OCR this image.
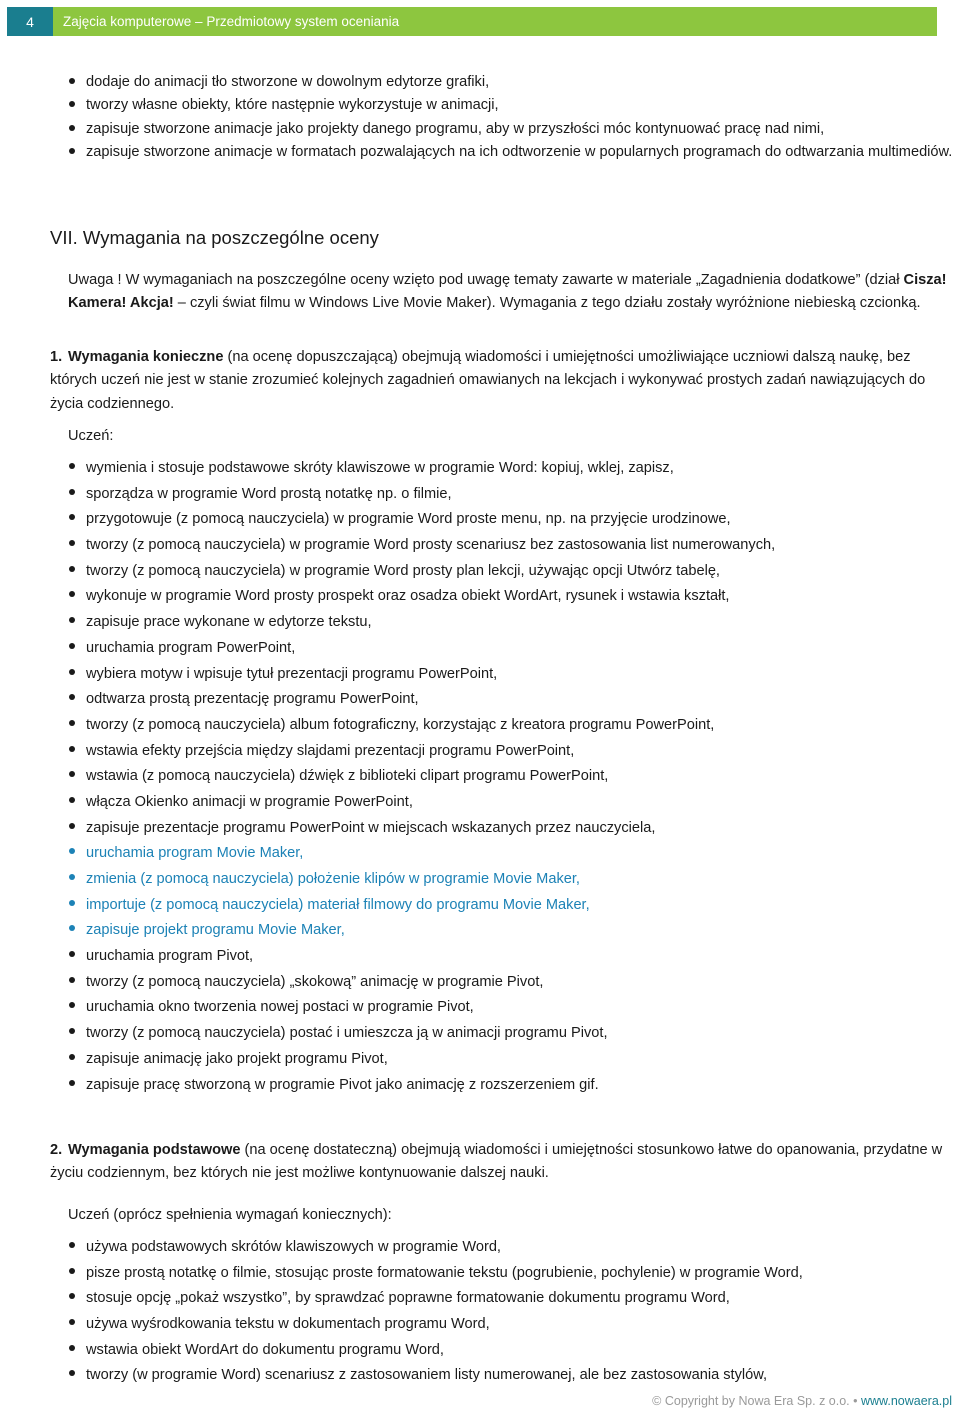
4	Zajęcia komputerowe – Przedmiotowy system oceniania
dodaje do animacji tło stworzone w dowolnym edytorze grafiki,
tworzy własne obiekty, które następnie wykorzystuje w animacji,
zapisuje stworzone animacje jako projekty danego programu, aby w przyszłości móc kontynuować pracę nad nimi,
zapisuje stworzone animacje w formatach pozwalających na ich odtworzenie w popularnych programach do odtwarzania multimediów.
VII. Wymagania na poszczególne oceny
Uwaga ! W wymaganiach na poszczególne oceny wzięto pod uwagę tematy zawarte w materiale „Zagadnienia dodatkowe” (dział Cisza! Kamera! Akcja! – czyli świat filmu w Windows Live Movie Maker). Wymagania z tego działu zostały wyróżnione niebieską czcionką.
1. Wymagania konieczne (na ocenę dopuszczającą) obejmują wiadomości i umiejętności umożliwiające uczniowi dalszą naukę, bez których uczeń nie jest w stanie zrozumieć kolejnych zagadnień omawianych na lekcjach i wykonywać prostych zadań nawiązujących do życia codziennego.
Uczeń:
wymienia i stosuje podstawowe skróty klawiszowe w programie Word: kopiuj, wklej, zapisz,
sporządza w programie Word prostą notatkę np. o filmie,
przygotowuje (z pomocą nauczyciela) w programie Word proste menu, np. na przyjęcie urodzinowe,
tworzy (z pomocą nauczyciela) w programie Word prosty scenariusz bez zastosowania list numerowanych,
tworzy (z pomocą nauczyciela) w programie Word prosty plan lekcji, używając opcji Utwórz tabelę,
wykonuje w programie Word prosty prospekt oraz osadza obiekt WordArt, rysunek i wstawia kształt,
zapisuje prace wykonane w edytorze tekstu,
uruchamia program PowerPoint,
wybiera motyw i wpisuje tytuł prezentacji programu PowerPoint,
odtwarza prostą prezentację programu PowerPoint,
tworzy (z pomocą nauczyciela) album fotograficzny, korzystając z kreatora programu PowerPoint,
wstawia efekty przejścia między slajdami prezentacji programu PowerPoint,
wstawia (z pomocą nauczyciela) dźwięk z biblioteki clipart programu PowerPoint,
włącza Okienko animacji w programie PowerPoint,
zapisuje prezentacje programu PowerPoint w miejscach wskazanych przez nauczyciela,
uruchamia program Movie Maker,
zmienia (z pomocą nauczyciela) położenie klipów w programie Movie Maker,
importuje (z pomocą nauczyciela) materiał filmowy do programu Movie Maker,
zapisuje projekt programu Movie Maker,
uruchamia program Pivot,
tworzy (z pomocą nauczyciela) „skokową” animację w programie Pivot,
uruchamia okno tworzenia nowej postaci w programie Pivot,
tworzy (z pomocą nauczyciela) postać i umieszcza ją w animacji programu Pivot,
zapisuje animację jako projekt programu Pivot,
zapisuje pracę stworzoną w programie Pivot jako animację z rozszerzeniem gif.
2. Wymagania podstawowe (na ocenę dostateczną) obejmują wiadomości i umiejętności stosunkowo łatwe do opanowania, przydatne w życiu codziennym, bez których nie jest możliwe kontynuowanie dalszej nauki.
Uczeń (oprócz spełnienia wymagań koniecznych):
używa podstawowych skrótów klawiszowych w programie Word,
pisze prostą notatkę o filmie, stosując proste formatowanie tekstu (pogrubienie, pochylenie) w programie Word,
stosuje opcję „pokaż wszystko”, by sprawdzać poprawne formatowanie dokumentu programu Word,
używa wyśrodkowania tekstu w dokumentach programu Word,
wstawia obiekt WordArt do dokumentu programu Word,
tworzy (w programie Word) scenariusz z zastosowaniem listy numerowanej, ale bez zastosowania stylów,
© Copyright by Nowa Era Sp. z o.o. • www.nowaera.pl
